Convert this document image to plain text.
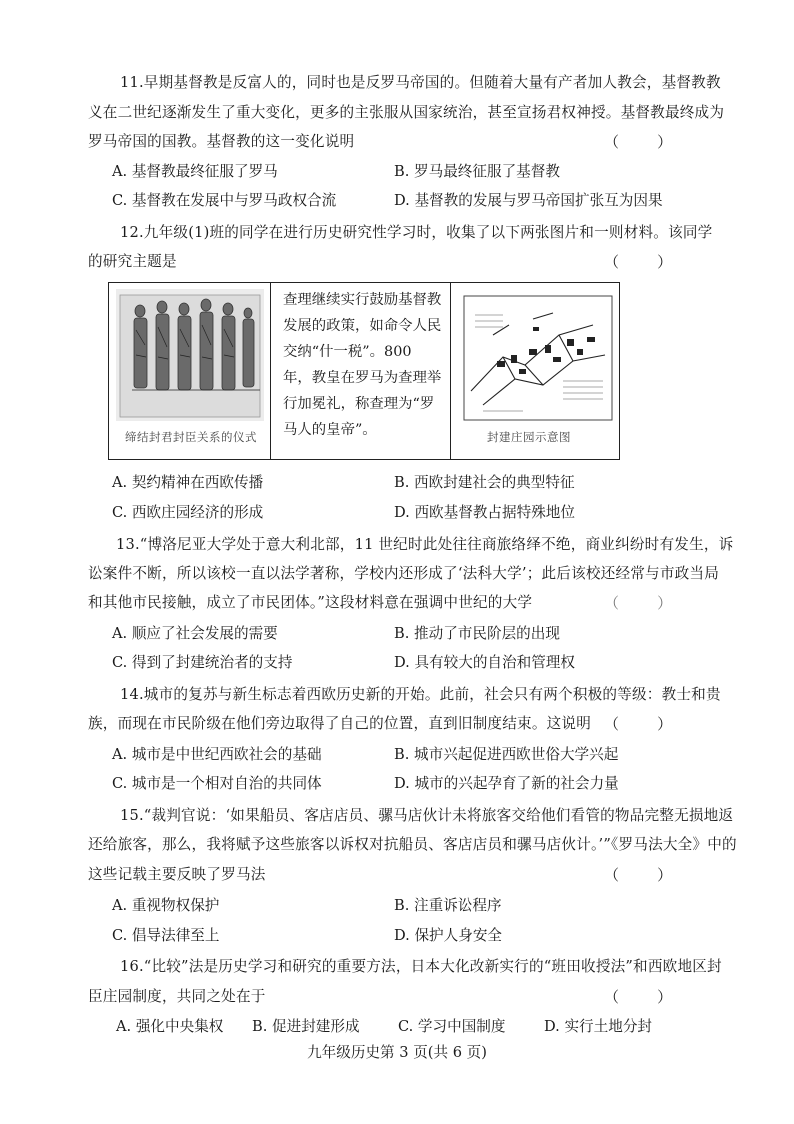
11.早期基督教是反富人的，同时也是反罗马帝国的。但随着大量有产者加人教会，基督教教
义在二世纪逐渐发生了重大变化，更多的主张服从国家统治，甚至宣扬君权神授。基督教最终成为
罗马帝国的国教。基督教的这一变化说明	（        ）
A. 基督教最终征服了罗马	B. 罗马最终征服了基督教
C. 基督教在发展中与罗马政权合流	D. 基督教的发展与罗马帝国扩张互为因果
12.九年级(1)班的同学在进行历史研究性学习时，收集了以下两张图片和一则材料。该同学
的研究主题是	（        ）
缔结封君封臣关系的仪式
查理继续实行鼓励基督教发展的政策，如命令人民交纳“什一税”。800 年，教皇在罗马为查理举行加冕礼，称查理为“罗马人的皇帝”。	封建庄园示意图
A. 契约精神在西欧传播	B. 西欧封建社会的典型特征
C. 西欧庄园经济的形成	D. 西欧基督教占据特殊地位
13.“博洛尼亚大学处于意大利北部，11 世纪时此处往往商旅络绎不绝，商业纠纷时有发生，诉
讼案件不断，所以该校一直以法学著称，学校内还形成了‘法科大学’；此后该校还经常与市政当局
和其他市民接触，成立了市民团体。”这段材料意在强调中世纪的大学	（        ）
A. 顺应了社会发展的需要	B. 推动了市民阶层的出现
C. 得到了封建统治者的支持	D. 具有较大的自治和管理权
14.城市的复苏与新生标志着西欧历史新的开始。此前，社会只有两个积极的等级：教士和贵
族，而现在市民阶级在他们旁边取得了自己的位置，直到旧制度结束。这说明 （        ）
A. 城市是中世纪西欧社会的基础	B. 城市兴起促进西欧世俗大学兴起
C. 城市是一个相对自治的共同体	D. 城市的兴起孕育了新的社会力量
15.“裁判官说：‘如果船员、客店店员、骡马店伙计未将旅客交给他们看管的物品完整无损地返
还给旅客，那么，我将赋予这些旅客以诉权对抗船员、客店店员和骡马店伙计。’”《罗马法大全》中的
这些记载主要反映了罗马法	（        ）
A. 重视物权保护	B. 注重诉讼程序
C. 倡导法律至上	D. 保护人身安全
16.“比较”法是历史学习和研究的重要方法，日本大化改新实行的“班田收授法”和西欧地区封
臣庄园制度，共同之处在于	（        ）
A. 强化中央集权 B. 促进封建形成	C. 学习中国制度	D. 实行土地分封
九年级历史第 3 页(共 6 页)
